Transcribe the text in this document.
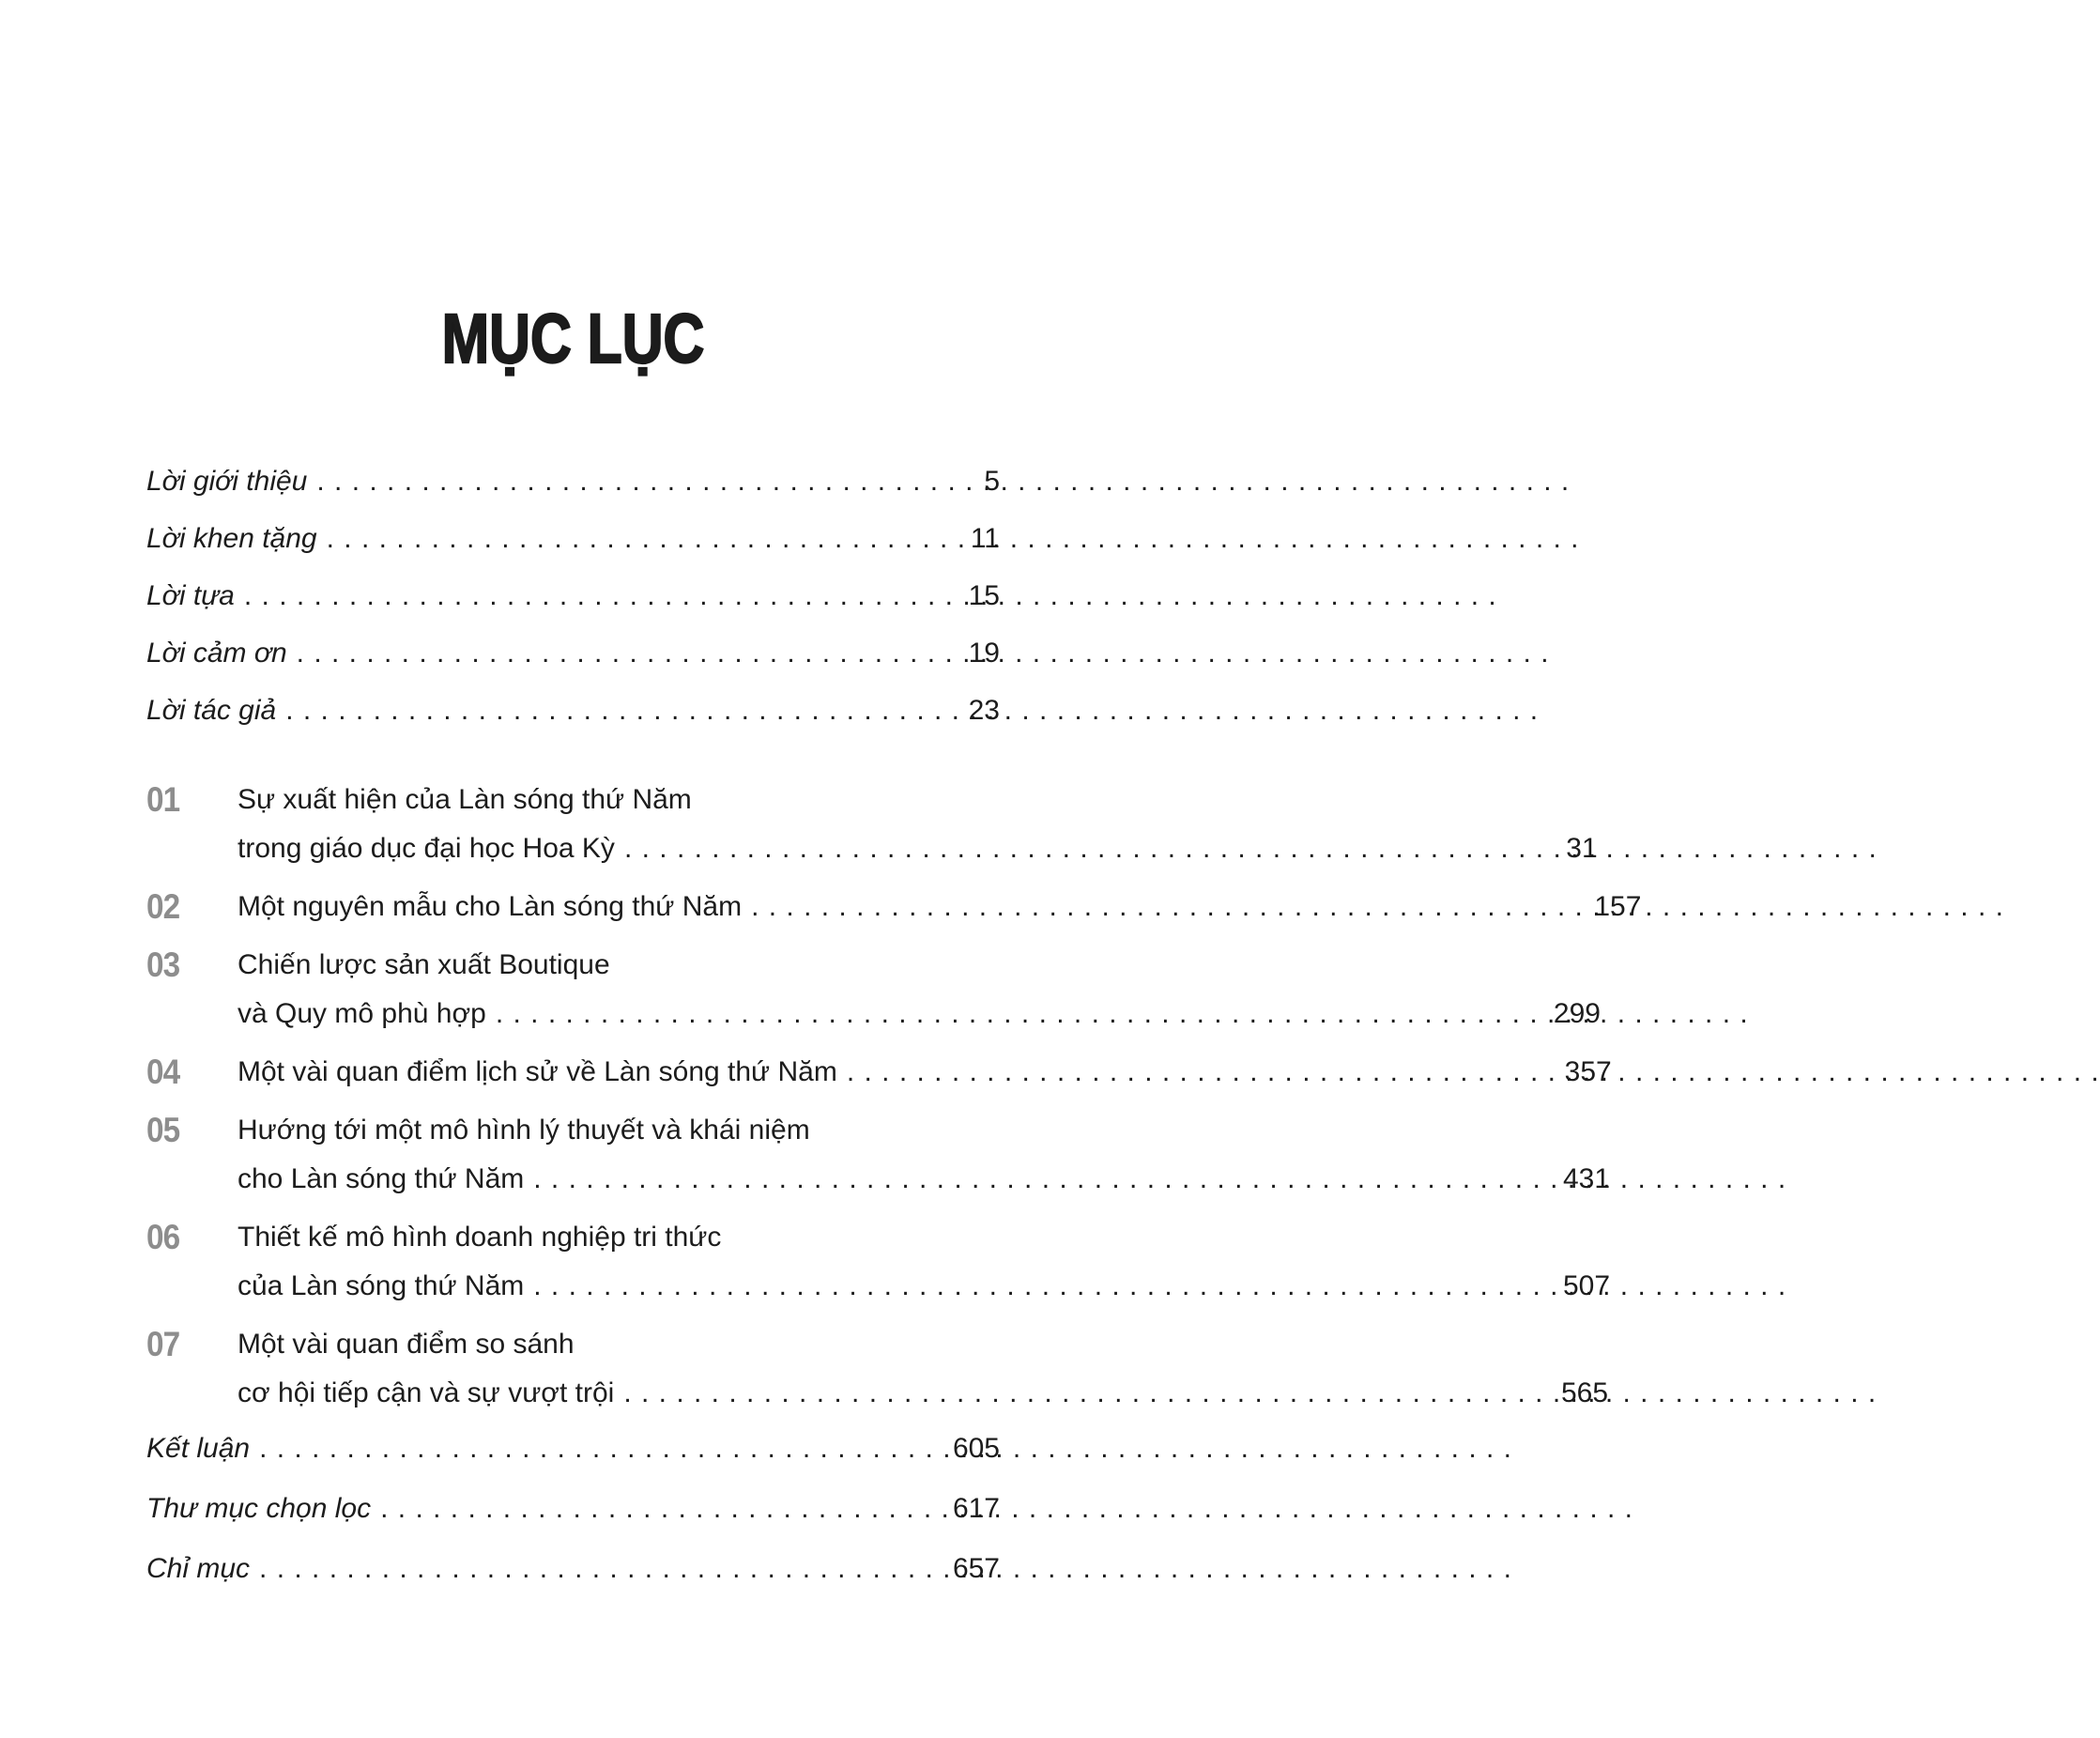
MỤC LỤC
Lời giới thiệu . . .	5
Lời khen tặng . . .	11
Lời tựa . . .	15
Lời cảm ơn . . .	19
Lời tác giả . . .	23
01	Sự xuất hiện của Làn sóng thứ Năm
trong giáo dục đại học Hoa Kỳ . . .	31
02	Một nguyên mẫu cho Làn sóng thứ Năm . . .	157
03	Chiến lược sản xuất Boutique
và Quy mô phù hợp . . .	299
04	Một vài quan điểm lịch sử về Làn sóng thứ Năm . . .	357
05	Hướng tới một mô hình lý thuyết và khái niệm
cho Làn sóng thứ Năm . . .	431
06	Thiết kế mô hình doanh nghiệp tri thức
của Làn sóng thứ Năm . . .	507
07	Một vài quan điểm so sánh
cơ hội tiếp cận và sự vượt trội . . .	565
Kết luận . . .	605
Thư mục chọn lọc . . .	617
Chỉ mục . . .	657
